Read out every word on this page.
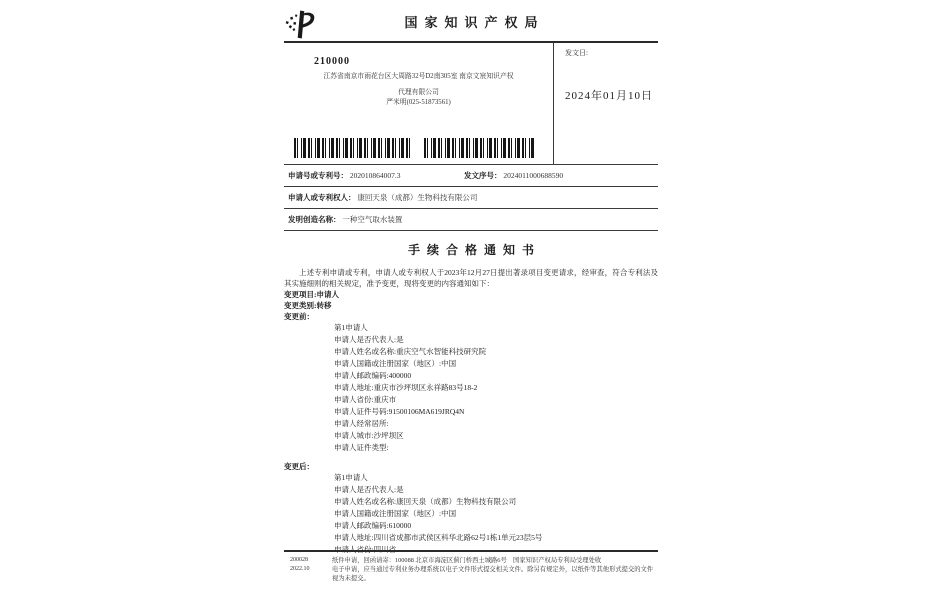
国家知识产权局
210000
江苏省南京市雨花台区大周路32号D2南305室 南京文宸知识产权
代理有限公司
严米明(025-51873561)
发文日:
2024年01月10日
申请号或专利号： 202010864007.3	发文序号： 2024011000688590
申请人或专利权人： 康回天泉（成都）生物科技有限公司
发明创造名称： 一种空气取水装置
手续合格通知书
上述专利申请或专利，申请人或专利权人于2023年12月27日提出著录项目变更请求，经审查，符合专利法及其实施细则的相关规定，准予变更，现将变更的内容通知如下：
变更项目:申请人
变更类别:转移
变更前：
第1申请人
申请人是否代表人:是
申请人姓名或名称:重庆空气水智能科技研究院
申请人国籍或注册国家（地区）:中国
申请人邮政编码:400000
申请人地址:重庆市沙坪坝区永祥路83号18-2
申请人省份:重庆市
申请人证件号码:91500106MA619JRQ4N
申请人经常居所:
申请人城市:沙坪坝区
申请人证件类型:
变更后：
第1申请人
申请人是否代表人:是
申请人姓名或名称:康回天泉（成都）生物科技有限公司
申请人国籍或注册国家（地区）:中国
申请人邮政编码:610000
申请人地址:四川省成都市武侯区科华北路62号1栋1单元23层5号
申请人省份:四川省
200028
2022.10
纸件申请，回函请寄：100088 北京市海淀区蓟门桥西土城路6号　国家知识产权局专利局受理处收
电子申请，应当通过专利业务办理系统以电子文件形式提交相关文件。除另有规定外，以纸件等其他形式提交的文件视为未提交。
